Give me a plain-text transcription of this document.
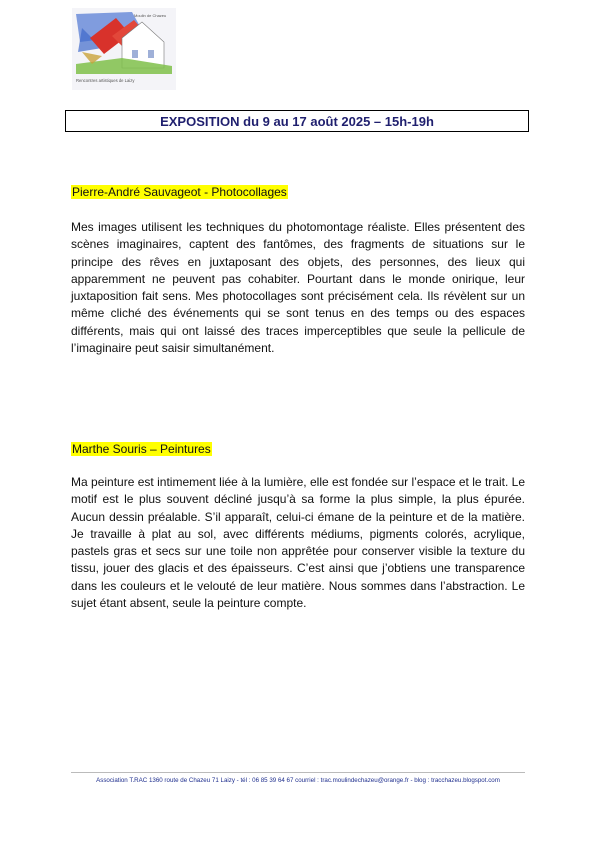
Moulin de Chazeu
Rencontres artistiques de Laizy
EXPOSITION du 9 au 17 août 2025 – 15h-19h
Pierre-André Sauvageot - Photocollages

Mes images utilisent les techniques du photomontage réaliste. Elles présentent des scènes imaginaires, captent des fantômes, des fragments de situations sur le principe des rêves en juxtaposant des objets, des personnes, des lieux qui apparemment ne peuvent pas cohabiter. Pourtant dans le monde onirique, leur juxtaposition fait sens. Mes photocollages sont précisément cela. Ils révèlent sur un même cliché des événements qui se sont tenus en des temps ou des espaces différents, mais qui ont laissé des traces imperceptibles que seule la pellicule de l’imaginaire peut saisir simultanément.

Marthe Souris – Peintures

Ma peinture est intimement liée à la lumière, elle est fondée sur l’espace et le trait. Le motif est le plus souvent décliné jusqu’à sa forme la plus simple, la plus épurée. Aucun dessin préalable. S’il apparaît, celui-ci émane de la peinture et de la matière. Je travaille à plat au sol, avec différents médiums, pigments colorés, acrylique, pastels gras et secs sur une toile non apprêtée pour conserver visible la texture du tissu, jouer des glacis et des épaisseurs. C’est ainsi que j’obtiens une transparence dans les couleurs et le velouté de leur matière. Nous sommes dans l’abstraction. Le sujet étant absent, seule la peinture compte.

Association T.RAC 1360 route de Chazeu 71 Laizy - tél : 06 85 39 64 67 courriel : trac.moulindechazeu@orange.fr - blog : tracchazeu.blogspot.com
